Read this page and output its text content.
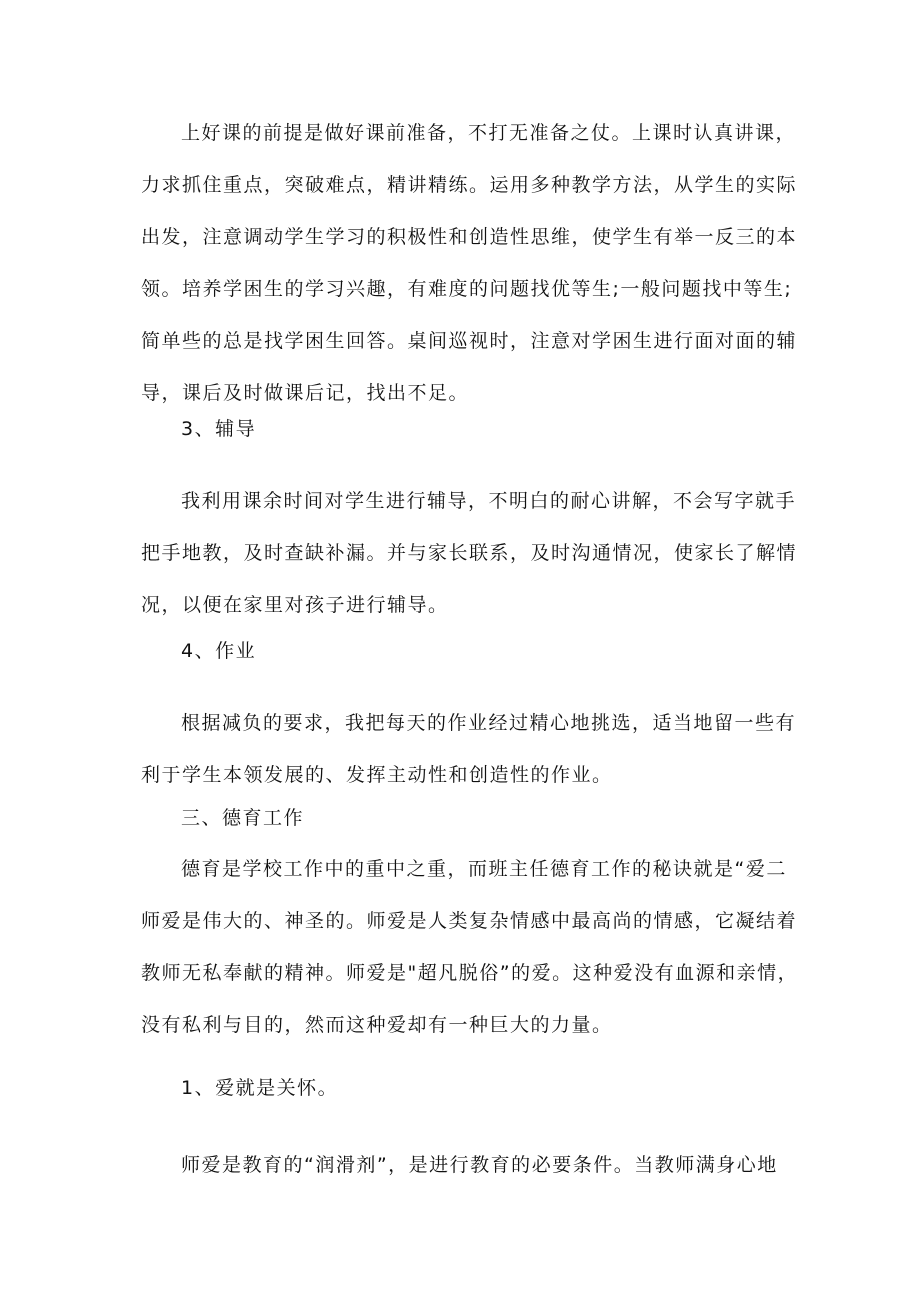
上好课的前提是做好课前准备，不打无准备之仗。上课时认真讲课，
力求抓住重点，突破难点，精讲精练。运用多种教学方法，从学生的实际
出发，注意调动学生学习的积极性和创造性思维，使学生有举一反三的本
领。培养学困生的学习兴趣，有难度的问题找优等生;一般问题找中等生;
简单些的总是找学困生回答。桌间巡视时，注意对学困生进行面对面的辅
导，课后及时做课后记，找出不足。
3、辅导
我利用课余时间对学生进行辅导，不明白的耐心讲解，不会写字就手
把手地教，及时查缺补漏。并与家长联系，及时沟通情况，使家长了解情
况，以便在家里对孩子进行辅导。
4、作业
根据减负的要求，我把每天的作业经过精心地挑选，适当地留一些有
利于学生本领发展的、发挥主动性和创造性的作业。
三、德育工作
德育是学校工作中的重中之重，而班主任德育工作的秘诀就是“爱二
师爱是伟大的、神圣的。师爱是人类复杂情感中最高尚的情感，它凝结着
教师无私奉献的精神。师爱是"超凡脱俗”的爱。这种爱没有血源和亲情，
没有私利与目的，然而这种爱却有一种巨大的力量。
1、爱就是关怀。
师爱是教育的“润滑剂”，是进行教育的必要条件。当教师满身心地
